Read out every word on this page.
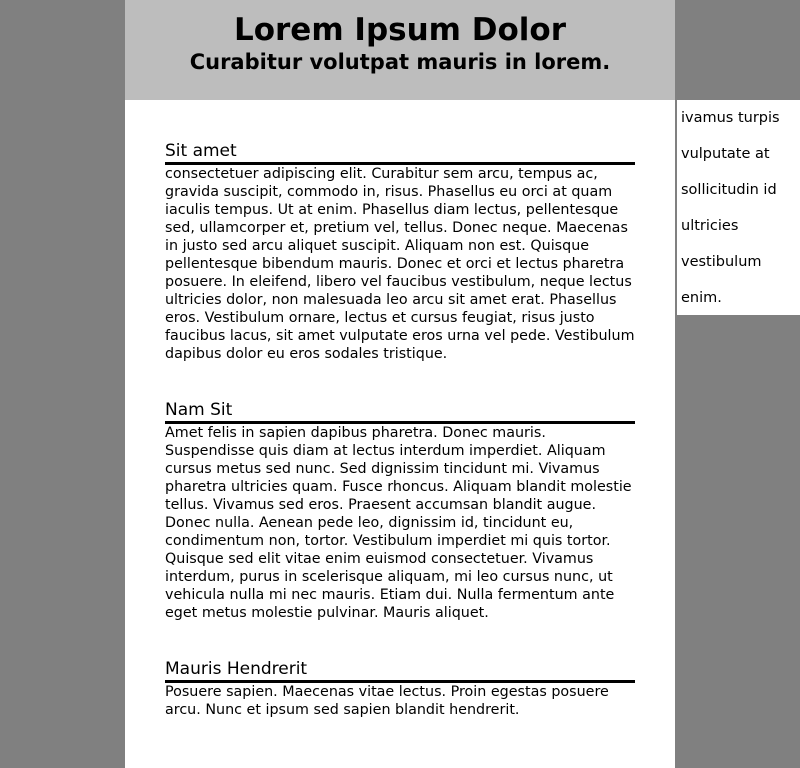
Lorem Ipsum Dolor
Curabitur volutpat mauris in lorem.
Sit amet

consectetuer adipiscing elit. Curabitur sem arcu, tempus ac, gravida suscipit, commodo in, risus. Phasellus eu orci at quam iaculis tempus. Ut at enim. Phasellus diam lectus, pellentesque sed, ullamcorper et, pretium vel, tellus. Donec neque. Maecenas in justo sed arcu aliquet suscipit. Aliquam non est. Quisque pellentesque bibendum mauris. Donec et orci et lectus pharetra posuere. In eleifend, libero vel faucibus vestibulum, neque lectus ultricies dolor, non malesuada leo arcu sit amet erat. Phasellus eros. Vestibulum ornare, lectus et cursus feugiat, risus justo faucibus lacus, sit amet vulputate eros urna vel pede. Vestibulum dapibus dolor eu eros sodales tristique.

Nam Sit

Amet felis in sapien dapibus pharetra. Donec mauris. Suspendisse quis diam at lectus interdum imperdiet. Aliquam cursus metus sed nunc. Sed dignissim tincidunt mi. Vivamus pharetra ultricies quam. Fusce rhoncus. Aliquam blandit molestie tellus. Vivamus sed eros. Praesent accumsan blandit augue. Donec nulla. Aenean pede leo, dignissim id, tincidunt eu, condimentum non, tortor. Vestibulum imperdiet mi quis tortor. Quisque sed elit vitae enim euismod consectetuer. Vivamus interdum, purus in scelerisque aliquam, mi leo cursus nunc, ut vehicula nulla mi nec mauris. Etiam dui. Nulla fermentum ante eget metus molestie pulvinar. Mauris aliquet.

Mauris Hendrerit

Posuere sapien. Maecenas vitae lectus. Proin egestas posuere arcu. Nunc et ipsum sed sapien blandit hendrerit.

ivamus turpis
vulputate at
sollicitudin id
ultricies
vestibulum
enim.
